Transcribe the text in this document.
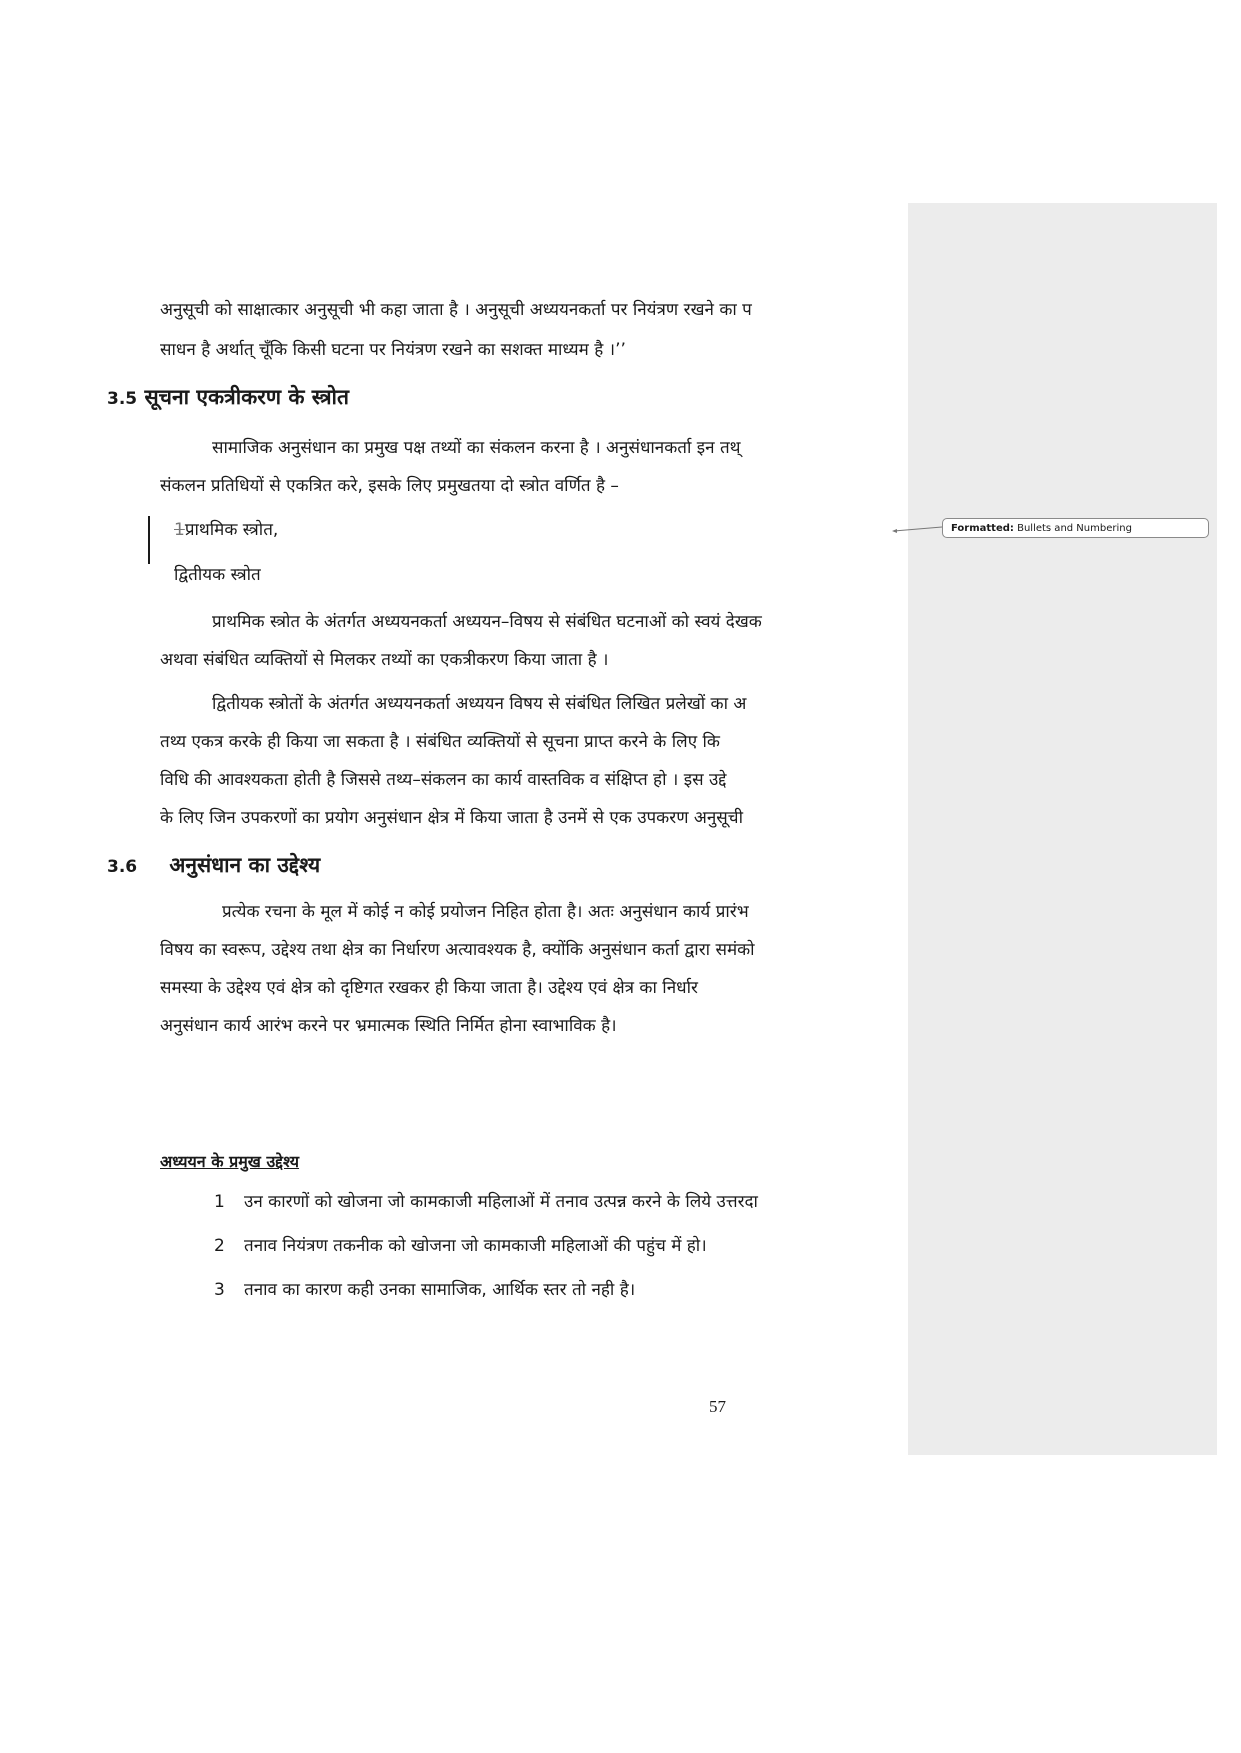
Formatted: Bullets and Numbering
अनुसूची को साक्षात्कार अनुसूची भी कहा जाता है । अनुसूची अध्ययनकर्ता पर नियंत्रण रखने का प
साधन है अर्थात् चूँकि किसी घटना पर नियंत्रण रखने का सशक्त माध्यम है ।’’
3.5 सूचना एकत्रीकरण के स्त्रोत
सामाजिक अनुसंधान का प्रमुख पक्ष तथ्यों का संकलन करना है । अनुसंधानकर्ता इन तथ्
संकलन प्रतिधियों से एकत्रित करे, इसके लिए प्रमुखतया दो स्त्रोत वर्णित है –
1प्राथमिक स्त्रोत,
द्वितीयक स्त्रोत
प्राथमिक स्त्रोत के अंतर्गत अध्ययनकर्ता अध्ययन–विषय से संबंधित घटनाओं को स्वयं देखक
अथवा संबंधित व्यक्तियों से मिलकर तथ्यों का एकत्रीकरण किया जाता है ।
द्वितीयक स्त्रोतों के अंतर्गत अध्ययनकर्ता अध्ययन विषय से संबंधित लिखित प्रलेखों का अ
तथ्य एकत्र करके ही किया जा सकता है । संबंधित व्यक्तियों से सूचना प्राप्त करने के लिए कि
विधि की आवश्यकता होती है जिससे तथ्य–संकलन का कार्य वास्तविक व संक्षिप्त हो । इस उद्दे
के लिए जिन उपकरणों का प्रयोग अनुसंधान क्षेत्र में किया जाता है उनमें से एक उपकरण अनुसूची
3.6 अनुसंधान का उद्देश्य
प्रत्येक रचना के मूल में कोई न कोई प्रयोजन निहित होता है। अतः अनुसंधान कार्य प्रारंभ
विषय का स्वरूप, उद्देश्य तथा क्षेत्र का निर्धारण अत्यावश्यक है, क्योंकि अनुसंधान कर्ता द्वारा समंको
समस्या के उद्देश्य एवं क्षेत्र को दृष्टिगत रखकर ही किया जाता है। उद्देश्य एवं क्षेत्र का निर्धार
अनुसंधान कार्य आरंभ करने पर भ्रमात्मक स्थिति निर्मित होना स्वाभाविक है।
अध्ययन के प्रमुख उद्देश्य
1 उन कारणों को खोजना जो कामकाजी महिलाओं में तनाव उत्पन्न करने के लिये उत्तरदा
2 तनाव नियंत्रण तकनीक को खोजना जो कामकाजी महिलाओं की पहुंच में हो।
3 तनाव का कारण कही उनका सामाजिक, आर्थिक स्तर तो नही है।
57
